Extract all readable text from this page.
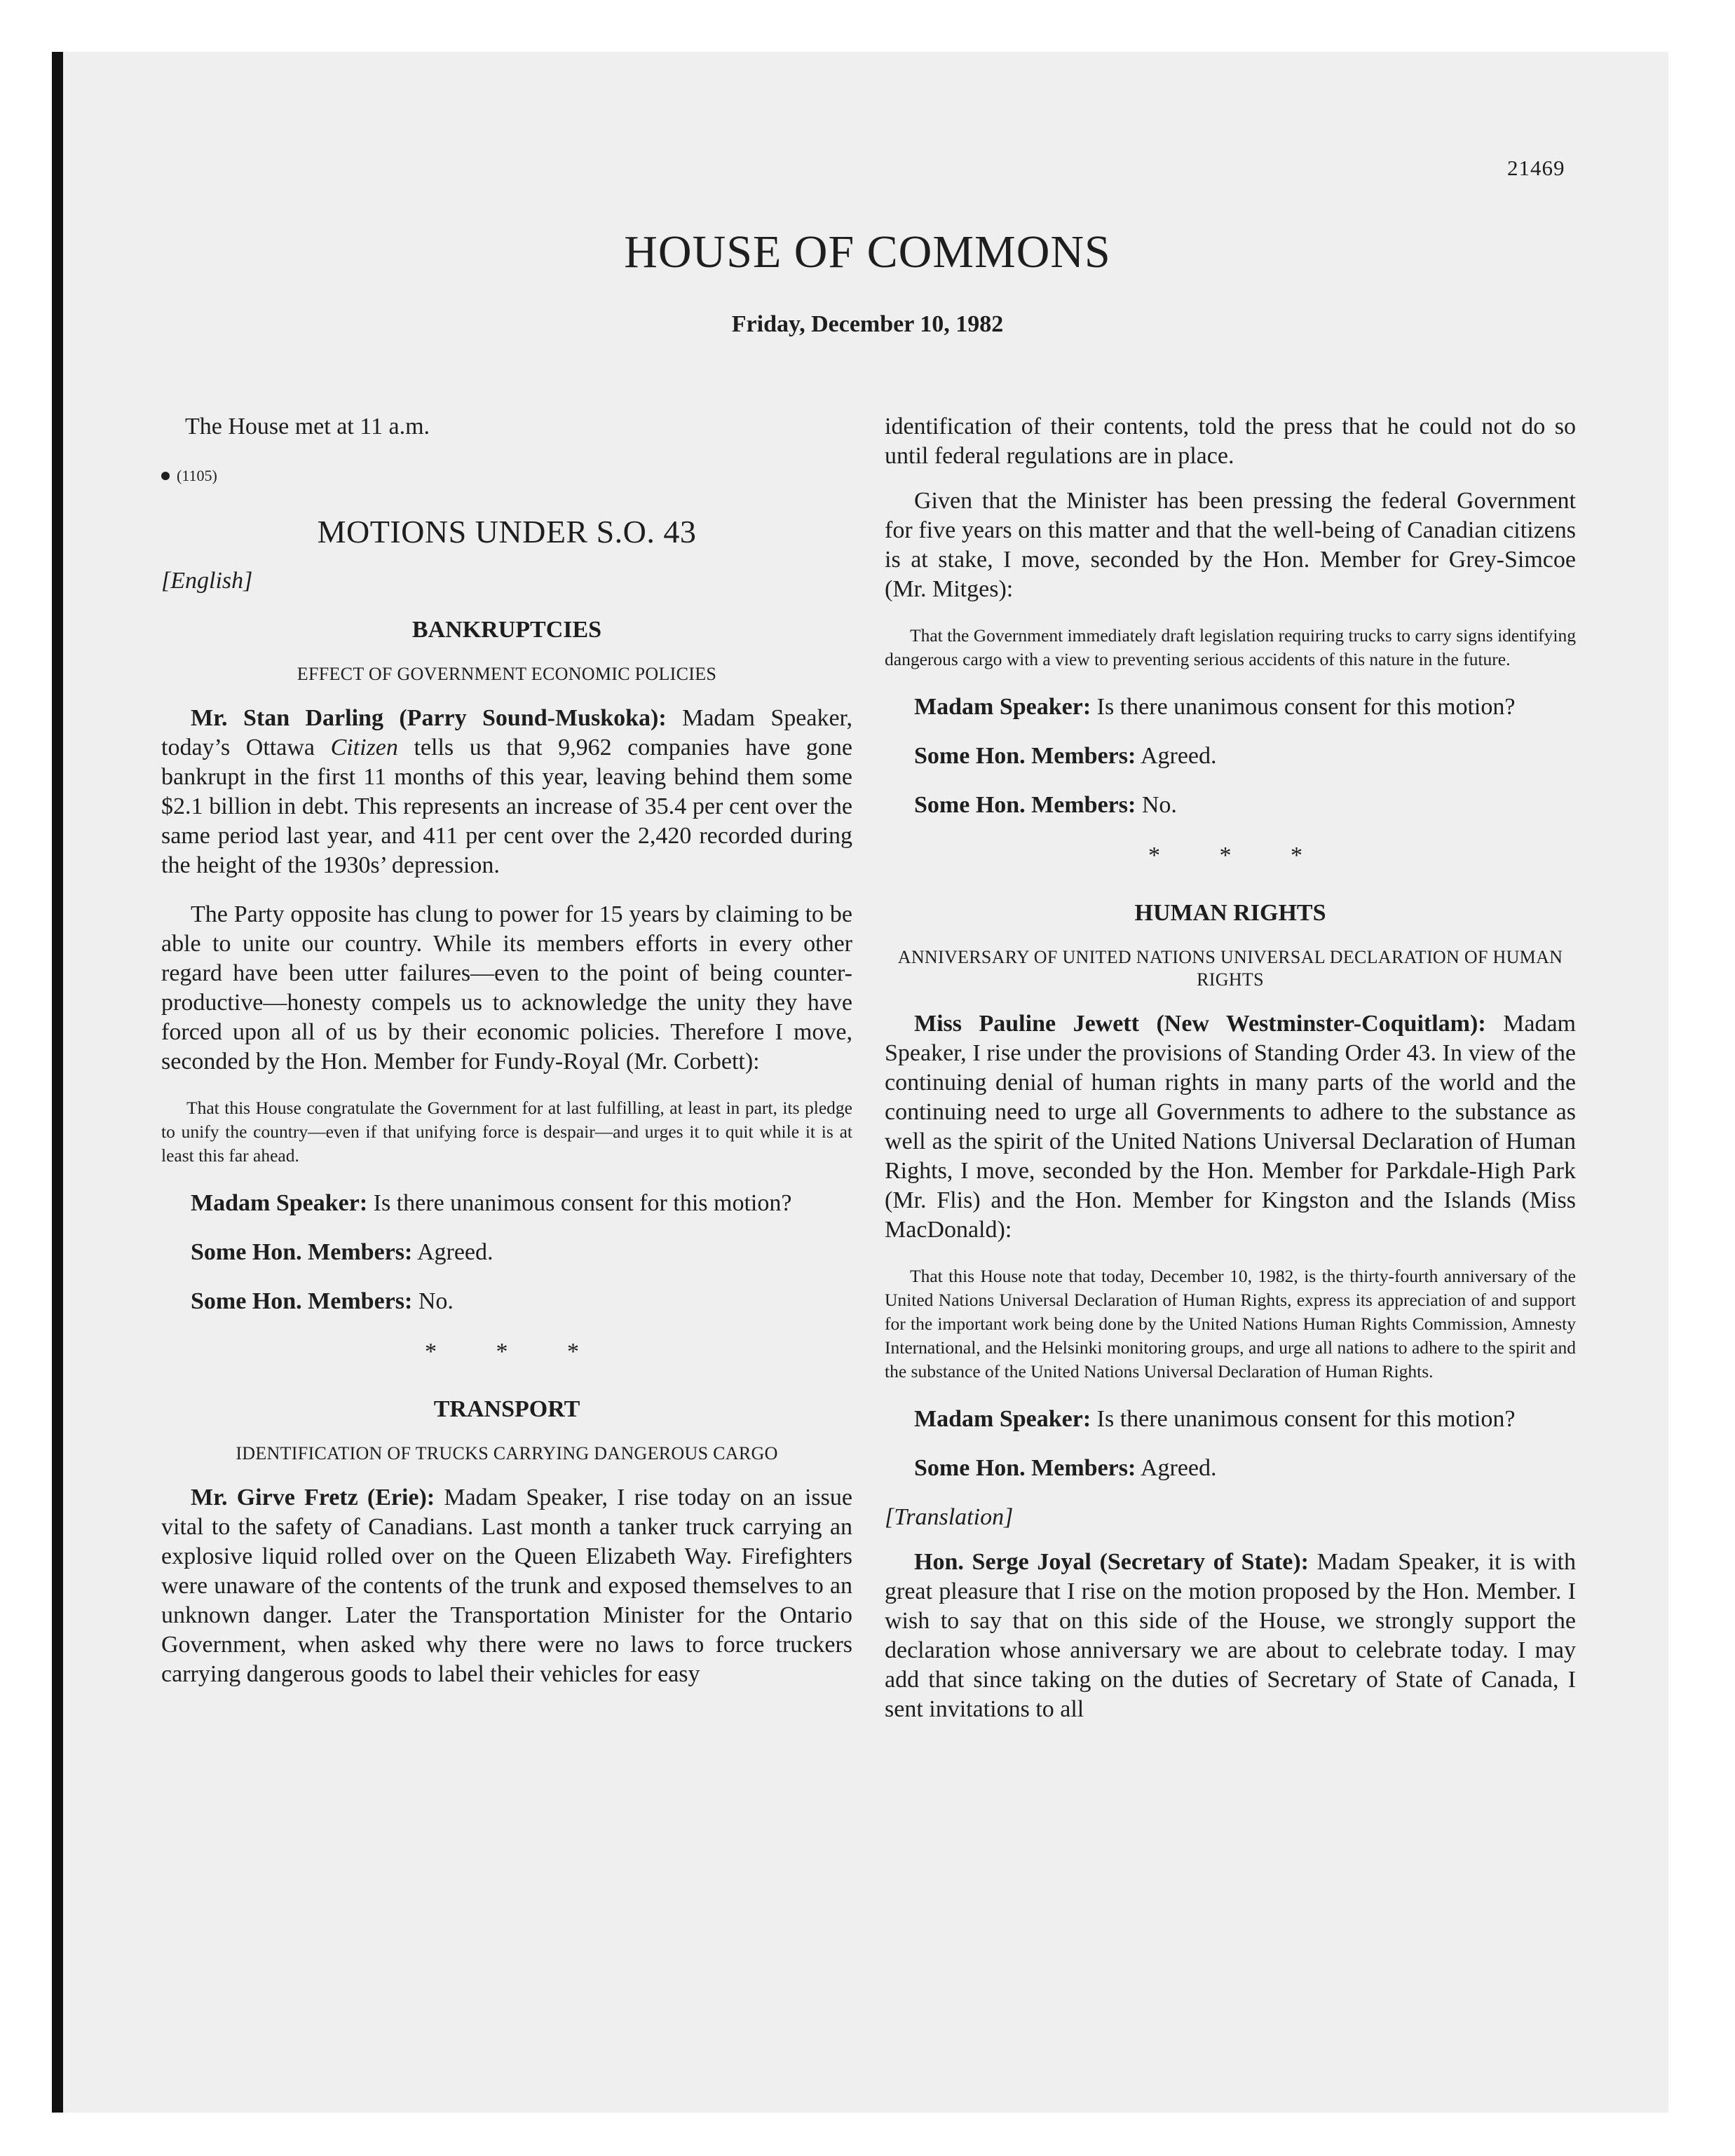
21469
HOUSE OF COMMONS
Friday, December 10, 1982

The House met at 11 a.m.

(1105)
MOTIONS UNDER S.O. 43
[English]
BANKRUPTCIES
EFFECT OF GOVERNMENT ECONOMIC POLICIES

Mr. Stan Darling (Parry Sound-Muskoka): Madam Speaker, today’s Ottawa Citizen tells us that 9,962 companies have gone bankrupt in the first 11 months of this year, leaving behind them some $2.1 billion in debt. This represents an increase of 35.4 per cent over the same period last year, and 411 per cent over the 2,420 recorded during the height of the 1930s’ depression.

The Party opposite has clung to power for 15 years by claiming to be able to unite our country. While its members efforts in every other regard have been utter failures—even to the point of being counter-productive—honesty compels us to acknowledge the unity they have forced upon all of us by their economic policies. Therefore I move, seconded by the Hon. Member for Fundy-Royal (Mr. Corbett):

That this House congratulate the Government for at last fulfilling, at least in part, its pledge to unify the country—even if that unifying force is despair—and urges it to quit while it is at least this far ahead.

Madam Speaker: Is there unanimous consent for this motion?

Some Hon. Members: Agreed.

Some Hon. Members: No.

* * *
TRANSPORT
IDENTIFICATION OF TRUCKS CARRYING DANGEROUS CARGO

Mr. Girve Fretz (Erie): Madam Speaker, I rise today on an issue vital to the safety of Canadians. Last month a tanker truck carrying an explosive liquid rolled over on the Queen Elizabeth Way. Firefighters were unaware of the contents of the trunk and exposed themselves to an unknown danger. Later the Transportation Minister for the Ontario Government, when asked why there were no laws to force truckers carrying dangerous goods to label their vehicles for easy

identification of their contents, told the press that he could not do so until federal regulations are in place.

Given that the Minister has been pressing the federal Government for five years on this matter and that the well-being of Canadian citizens is at stake, I move, seconded by the Hon. Member for Grey-Simcoe (Mr. Mitges):

That the Government immediately draft legislation requiring trucks to carry signs identifying dangerous cargo with a view to preventing serious accidents of this nature in the future.

Madam Speaker: Is there unanimous consent for this motion?

Some Hon. Members: Agreed.

Some Hon. Members: No.

* * *
HUMAN RIGHTS
ANNIVERSARY OF UNITED NATIONS UNIVERSAL DECLARATION OF HUMAN RIGHTS

Miss Pauline Jewett (New Westminster-Coquitlam): Madam Speaker, I rise under the provisions of Standing Order 43. In view of the continuing denial of human rights in many parts of the world and the continuing need to urge all Governments to adhere to the substance as well as the spirit of the United Nations Universal Declaration of Human Rights, I move, seconded by the Hon. Member for Parkdale-High Park (Mr. Flis) and the Hon. Member for Kingston and the Islands (Miss MacDonald):

That this House note that today, December 10, 1982, is the thirty-fourth anniversary of the United Nations Universal Declaration of Human Rights, express its appreciation of and support for the important work being done by the United Nations Human Rights Commission, Amnesty International, and the Helsinki monitoring groups, and urge all nations to adhere to the spirit and the substance of the United Nations Universal Declaration of Human Rights.

Madam Speaker: Is there unanimous consent for this motion?

Some Hon. Members: Agreed.

[Translation]

Hon. Serge Joyal (Secretary of State): Madam Speaker, it is with great pleasure that I rise on the motion proposed by the Hon. Member. I wish to say that on this side of the House, we strongly support the declaration whose anniversary we are about to celebrate today. I may add that since taking on the duties of Secretary of State of Canada, I sent invitations to all
